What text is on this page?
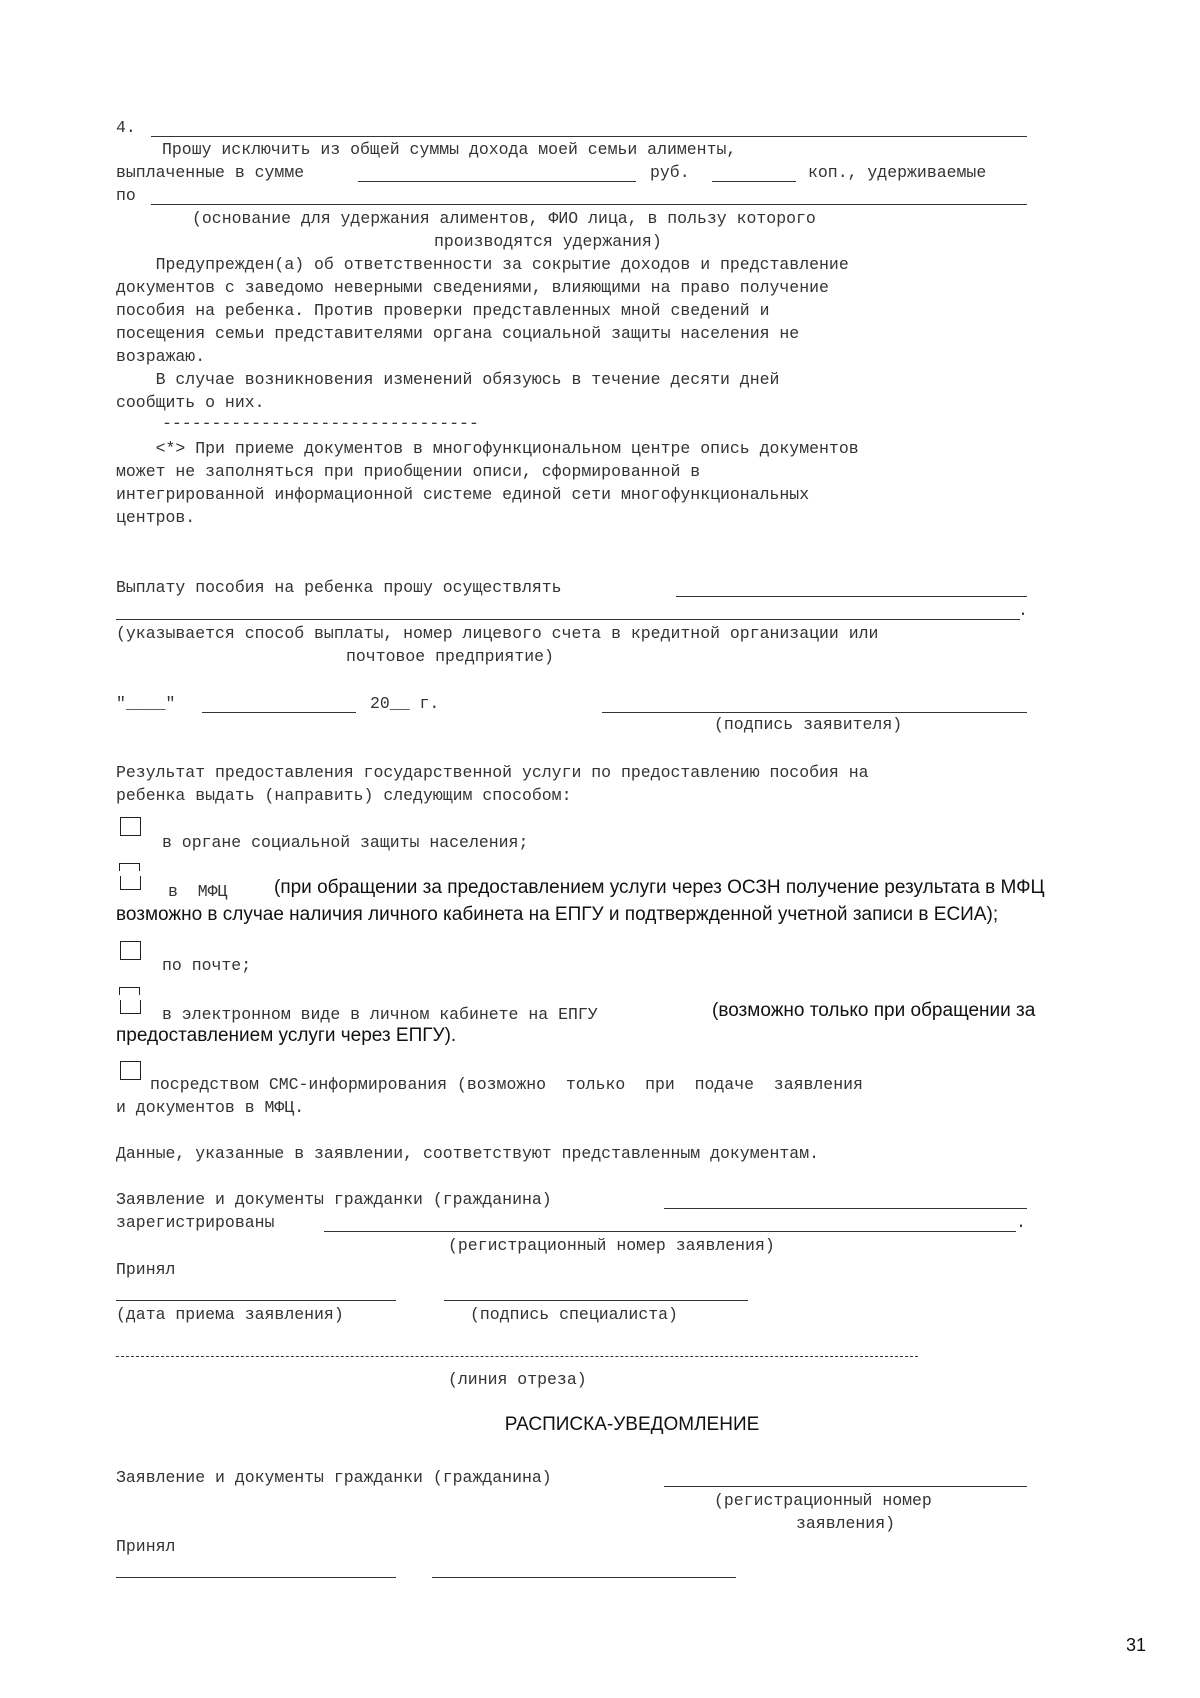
4.
Прошу исключить из общей суммы дохода моей семьи алименты,
выплаченные в сумме	руб.	коп., удерживаемые
по
(основание для удержания алиментов, ФИО лица, в пользу которого
производятся удержания)
Предупрежден(а) об ответственности за сокрытие доходов и представление
документов с заведомо неверными сведениями, влияющими на право получение
пособия на ребенка. Против проверки представленных мной сведений и
посещения семьи представителями органа социальной защиты населения не
возражаю.
В случае возникновения изменений обязуюсь в течение десяти дней
сообщить о них.
--------------------------------
<*> При приеме документов в многофункциональном центре опись документов
может не заполняться при приобщении описи, сформированной в
интегрированной информационной системе единой сети многофункциональных
центров.
Выплату пособия на ребенка прошу осуществлять
.
(указывается способ выплаты, номер лицевого счета в кредитной организации или
почтовое предприятие)
"____"	20__ г.
(подпись заявителя)
Результат предоставления государственной услуги по предоставлению пособия на
ребенка выдать (направить) следующим способом:
в органе социальной защиты населения;
в  МФЦ (при обращении за предоставлением услуги через ОСЗН получение результата в МФЦ
возможно в случае наличия личного кабинета на ЕПГУ и подтвержденной учетной записи в ЕСИА);
по почте;
в электронном виде в личном кабинете на ЕПГУ	(возможно только при обращении за
предоставлением услуги через ЕПГУ).
посредством СМС-информирования (возможно  только  при  подаче  заявления
и документов в МФЦ.
Данные, указанные в заявлении, соответствуют представленным документам.
Заявление и документы гражданки (гражданина)
зарегистрированы	.
(регистрационный номер заявления)
Принял
(дата приема заявления)	(подпись специалиста)
(линия отреза)
РАСПИСКА-УВЕДОМЛЕНИЕ
Заявление и документы гражданки (гражданина)
(регистрационный номер
заявления)
Принял
31
